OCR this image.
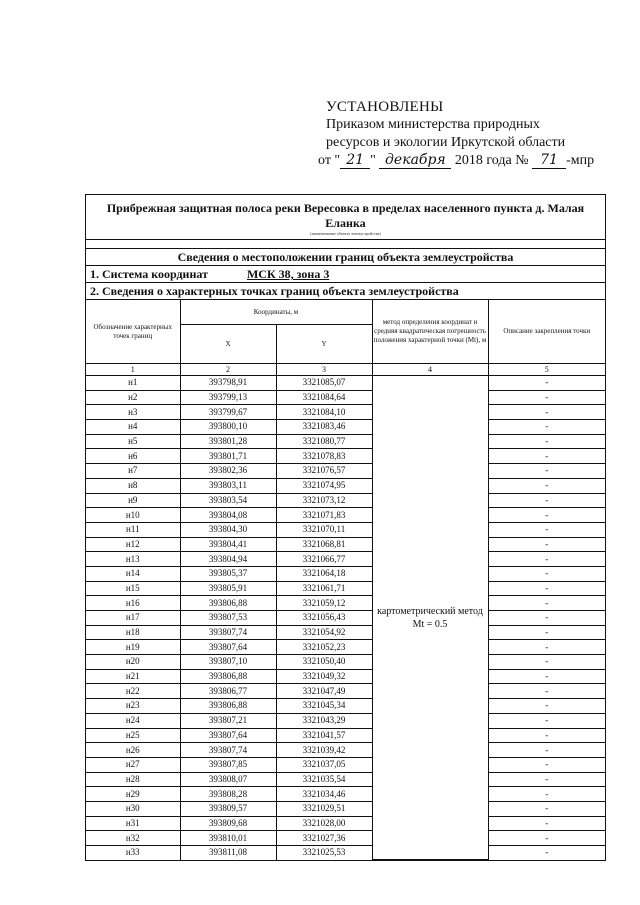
УСТАНОВЛЕНЫ
Приказом министерства природных
ресурсов и экологии Иркутской области
от " 21 " декабря 2018 года № 71 -мпр
Прибрежная защитная полоса реки Вересовка в пределах населенного пункта д. Малая Еланка
(наименование объекта землеустройства)
Сведения о местоположении границ объекта землеустройства
1. Система координат	МСК 38, зона 3
2. Сведения о характерных точках границ объекта землеустройства
Обозначение характерных точек границ	Координаты, м		метод определения координат и средняя квадратическая погрешность положения характерной точки (Mt), м	Описание закрепления точки
	X	Y		
1	2	3	4	5
н1	393798,91	3321085,07	картометрический метод Mt = 0.5	-
н2	393799,13	3321084,64		-
н3	393799,67	3321084,10		-
н4	393800,10	3321083,46		-
н5	393801,28	3321080,77		-
н6	393801,71	3321078,83		-
н7	393802,36	3321076,57		-
н8	393803,11	3321074,95		-
н9	393803,54	3321073,12		-
н10	393804,08	3321071,83		-
н11	393804,30	3321070,11		-
н12	393804,41	3321068,81		-
н13	393804,94	3321066,77		-
н14	393805,37	3321064,18		-
н15	393805,91	3321061,71		-
н16	393806,88	3321059,12		-
н17	393807,53	3321056,43		-
н18	393807,74	3321054,92		-
н19	393807,64	3321052,23		-
н20	393807,10	3321050,40		-
н21	393806,88	3321049,32		-
н22	393806,77	3321047,49		-
н23	393806,88	3321045,34		-
н24	393807,21	3321043,29		-
н25	393807,64	3321041,57		-
н26	393807,74	3321039,42		-
н27	393807,85	3321037,05		-
н28	393808,07	3321035,54		-
н29	393808,28	3321034,46		-
н30	393809,57	3321029,51		-
н31	393809,68	3321028,00		-
н32	393810,01	3321027,36		-
н33	393811,08	3321025,53		-
